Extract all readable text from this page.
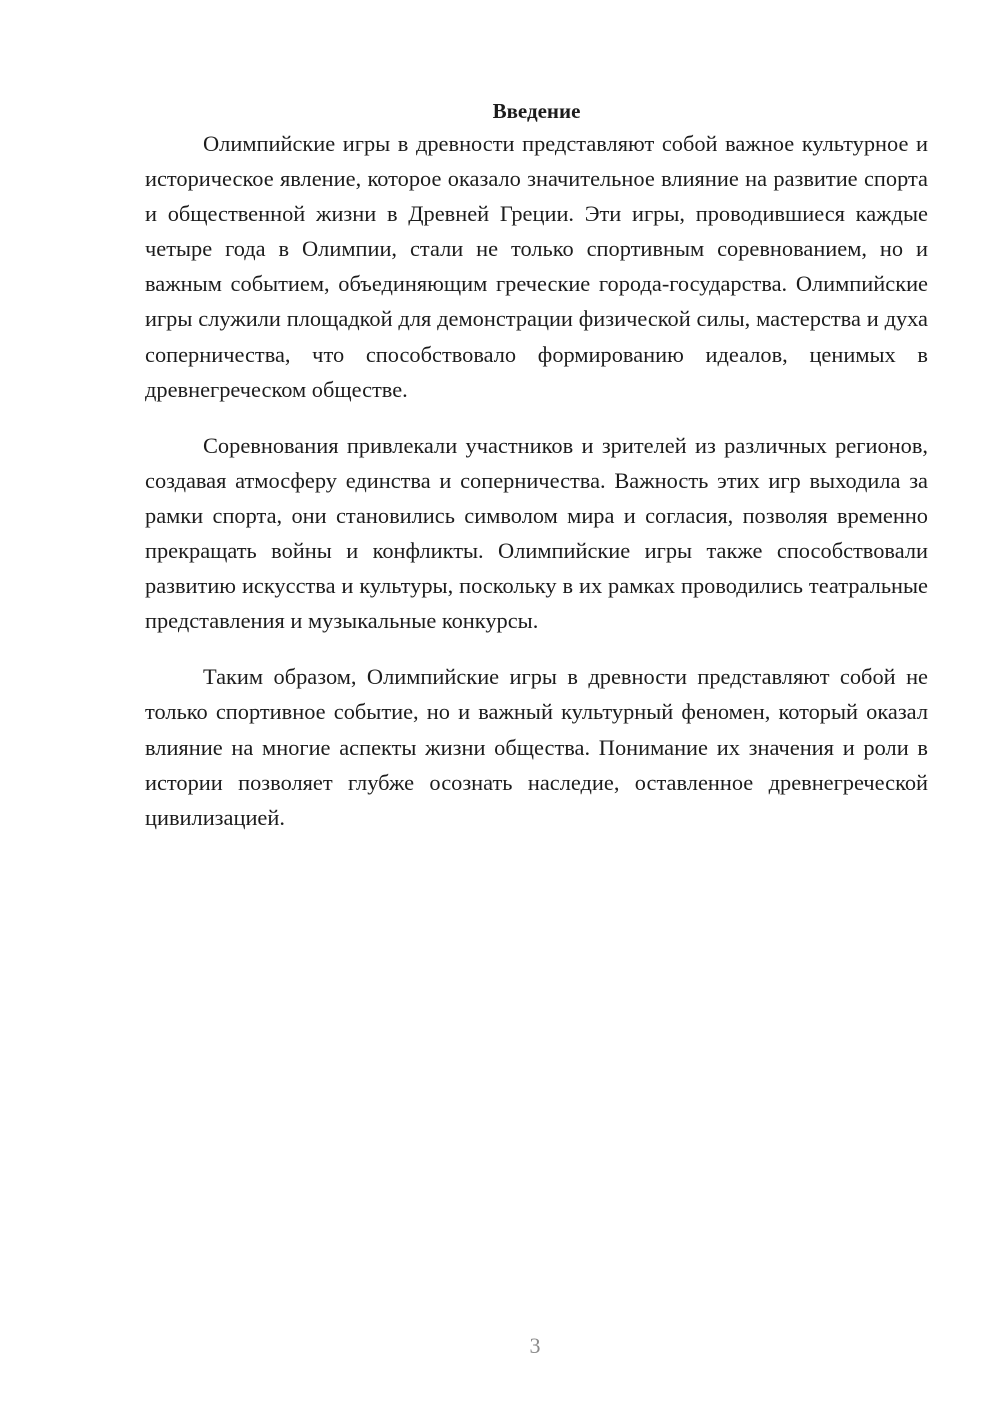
Введение

Олимпийские игры в древности представляют собой важное культурное и историческое явление, которое оказало значительное влияние на развитие спорта и общественной жизни в Древней Греции. Эти игры, проводившиеся каждые четыре года в Олимпии, стали не только спортивным соревнованием, но и важным событием, объединяющим греческие города-государства. Олимпийские игры служили площадкой для демонстрации физической силы, мастерства и духа соперничества, что способствовало формированию идеалов, ценимых в древнегреческом обществе.

Соревнования привлекали участников и зрителей из различных регионов, создавая атмосферу единства и соперничества. Важность этих игр выходила за рамки спорта, они становились символом мира и согласия, позволяя временно прекращать войны и конфликты. Олимпийские игры также способствовали развитию искусства и культуры, поскольку в их рамках проводились театральные представления и музыкальные конкурсы.

Таким образом, Олимпийские игры в древности представляют собой не только спортивное событие, но и важный культурный феномен, который оказал влияние на многие аспекты жизни общества. Понимание их значения и роли в истории позволяет глубже осознать наследие, оставленное древнегреческой цивилизацией.

3
